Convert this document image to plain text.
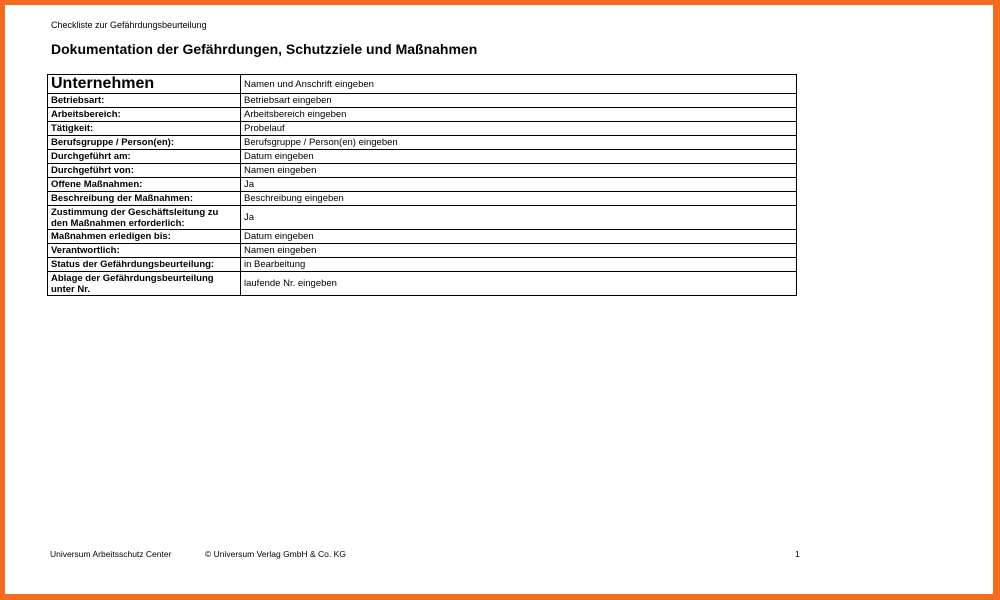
Checkliste zur Gefährdungsbeurteilung
Dokumentation der Gefährdungen, Schutzziele und Maßnahmen
Unternehmen	Namen und Anschrift eingeben
Betriebsart:	Betriebsart eingeben
Arbeitsbereich:	Arbeitsbereich eingeben
Tätigkeit:	Probelauf
Berufsgruppe / Person(en):	Berufsgruppe / Person(en) eingeben
Durchgeführt am:	Datum eingeben
Durchgeführt von:	Namen eingeben
Offene Maßnahmen:	Ja
Beschreibung der Maßnahmen:	Beschreibung eingeben
Zustimmung der Geschäftsleitung zu den Maßnahmen erforderlich:	Ja
Maßnahmen erledigen bis:	Datum eingeben
Verantwortlich:	Namen eingeben
Status der Gefährdungsbeurteilung:	in Bearbeitung
Ablage der Gefährdungsbeurteilung unter Nr.	laufende Nr. eingeben
Universum Arbeitsschutz Center	© Universum Verlag GmbH & Co. KG	1
